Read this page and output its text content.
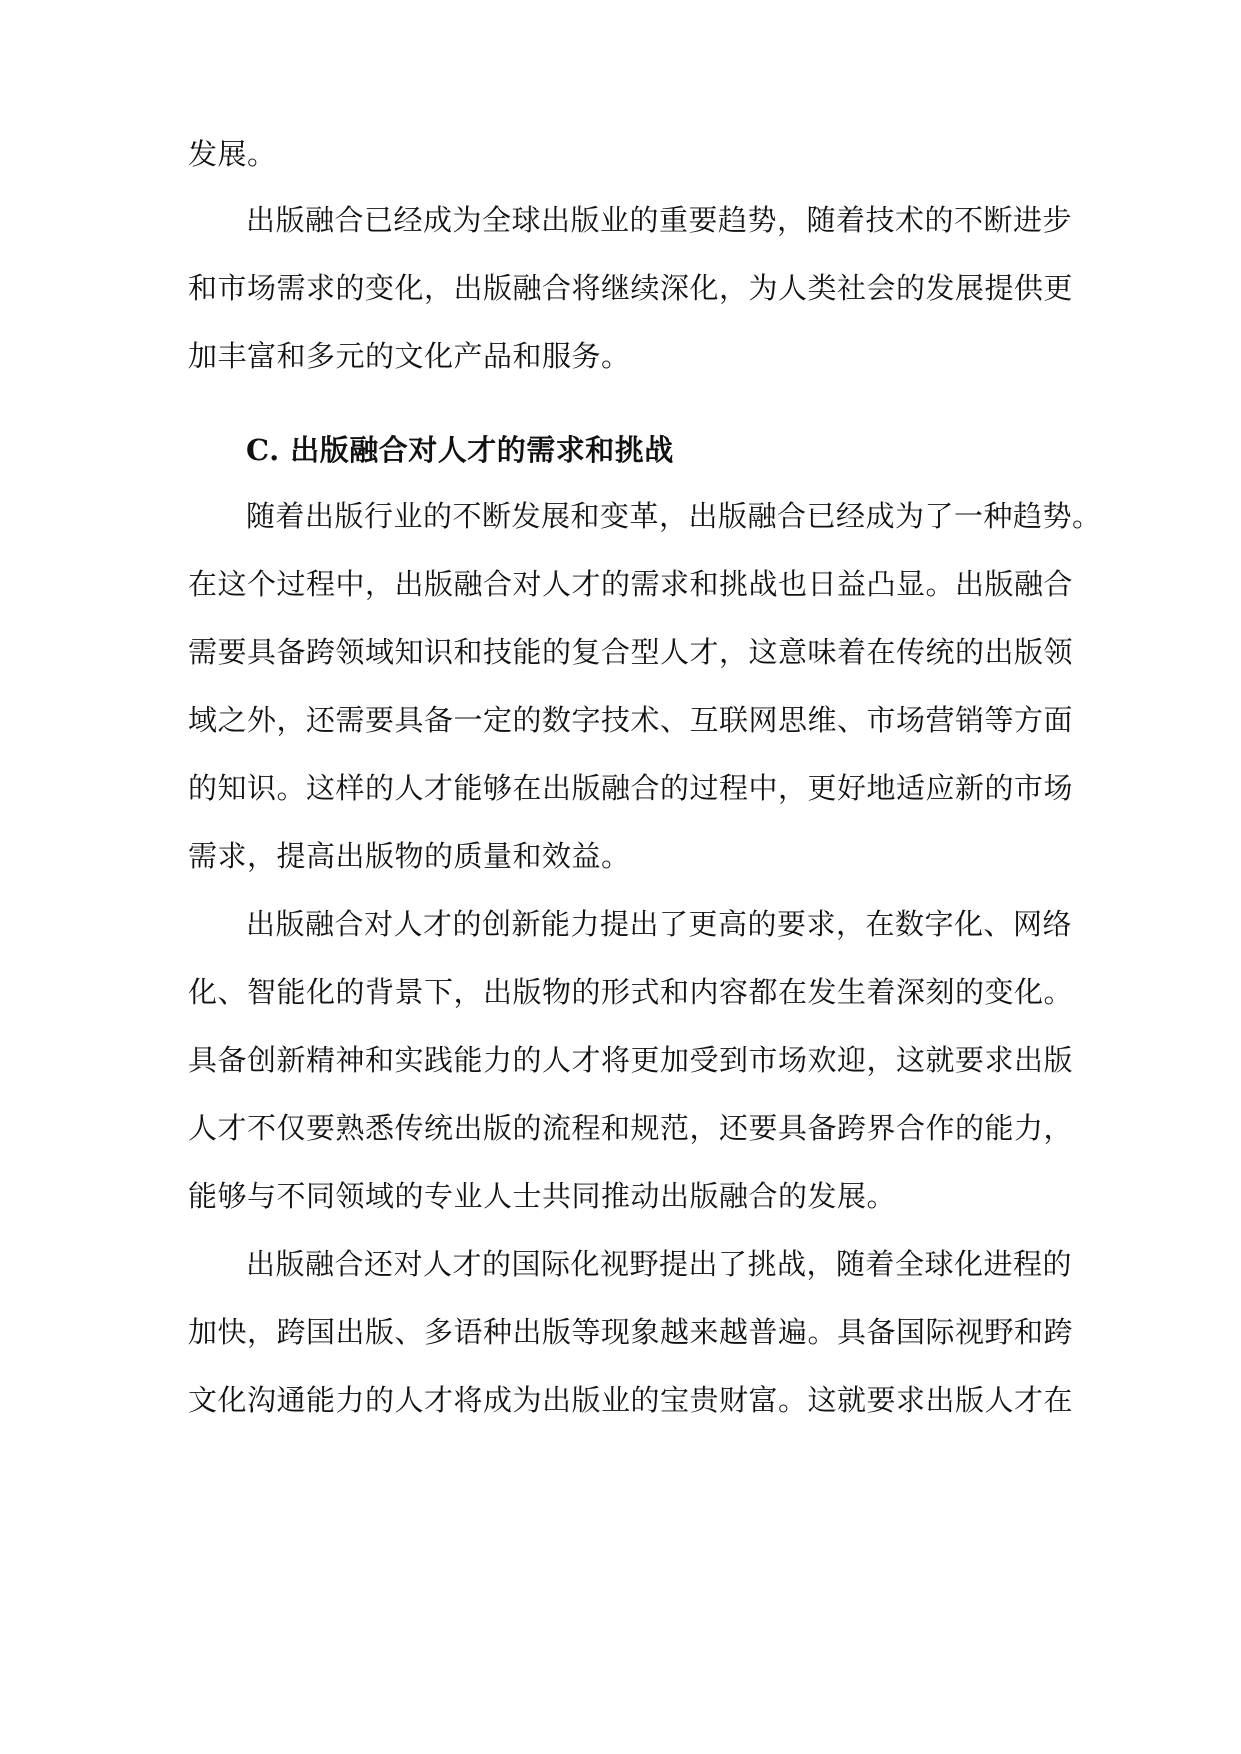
发展。
出版融合已经成为全球出版业的重要趋势，随着技术的不断进步
和市场需求的变化，出版融合将继续深化，为人类社会的发展提供更
加丰富和多元的文化产品和服务。
C. 出版融合对人才的需求和挑战
随着出版行业的不断发展和变革，出版融合已经成为了一种趋势。
在这个过程中，出版融合对人才的需求和挑战也日益凸显。出版融合
需要具备跨领域知识和技能的复合型人才，这意味着在传统的出版领
域之外，还需要具备一定的数字技术、互联网思维、市场营销等方面
的知识。这样的人才能够在出版融合的过程中，更好地适应新的市场
需求，提高出版物的质量和效益。
出版融合对人才的创新能力提出了更高的要求，在数字化、网络
化、智能化的背景下，出版物的形式和内容都在发生着深刻的变化。
具备创新精神和实践能力的人才将更加受到市场欢迎，这就要求出版
人才不仅要熟悉传统出版的流程和规范，还要具备跨界合作的能力，
能够与不同领域的专业人士共同推动出版融合的发展。
出版融合还对人才的国际化视野提出了挑战，随着全球化进程的
加快，跨国出版、多语种出版等现象越来越普遍。具备国际视野和跨
文化沟通能力的人才将成为出版业的宝贵财富。这就要求出版人才在
